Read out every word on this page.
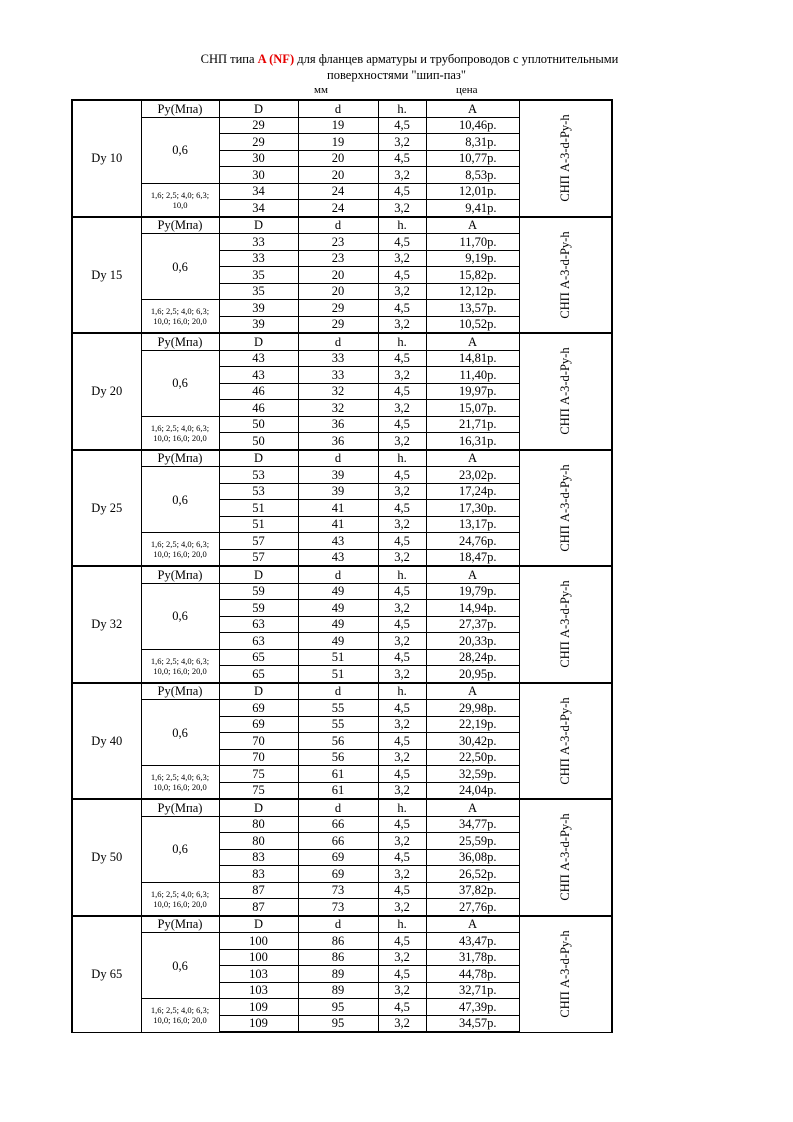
СНП типа A (NF) для фланцев арматуры и трубопроводов с уплотнительными
поверхностями "шип-паз"
мм	цена
Dy 10	Py(Мпа)	D	d	h.	A	СНП А-3-d-Py-h

	0,6	29	19	4,5	10,46р.	
		29	19	3,2	8,31р.	
		30	20	4,5	10,77р.	
		30	20	3,2	8,53р.	

	1,6; 2,5; 4,0; 6,3;
10,0	34	24	4,5	12,01р.	
		34	24	3,2	9,41р.	
Dy 15	Py(Мпа)	D	d	h.	A	СНП А-3-d-Py-h

	0,6	33	23	4,5	11,70р.	
		33	23	3,2	9,19р.	
		35	20	4,5	15,82р.	
		35	20	3,2	12,12р.	

	1,6; 2,5; 4,0; 6,3;
10,0; 16,0; 20,0	39	29	4,5	13,57р.	
		39	29	3,2	10,52р.	
Dy 20	Py(Мпа)	D	d	h.	A	СНП А-3-d-Py-h

	0,6	43	33	4,5	14,81р.	
		43	33	3,2	11,40р.	
		46	32	4,5	19,97р.	
		46	32	3,2	15,07р.	

	1,6; 2,5; 4,0; 6,3;
10,0; 16,0; 20,0	50	36	4,5	21,71р.	
		50	36	3,2	16,31р.	
Dy 25	Py(Мпа)	D	d	h.	A	СНП А-3-d-Py-h

	0,6	53	39	4,5	23,02р.	
		53	39	3,2	17,24р.	
		51	41	4,5	17,30р.	
		51	41	3,2	13,17р.	

	1,6; 2,5; 4,0; 6,3;
10,0; 16,0; 20,0	57	43	4,5	24,76р.	
		57	43	3,2	18,47р.	
Dy 32	Py(Мпа)	D	d	h.	A	СНП А-3-d-Py-h

	0,6	59	49	4,5	19,79р.	
		59	49	3,2	14,94р.	
		63	49	4,5	27,37р.	
		63	49	3,2	20,33р.	

	1,6; 2,5; 4,0; 6,3;
10,0; 16,0; 20,0	65	51	4,5	28,24р.	
		65	51	3,2	20,95р.	
Dy 40	Py(Мпа)	D	d	h.	A	СНП А-3-d-Py-h

	0,6	69	55	4,5	29,98р.	
		69	55	3,2	22,19р.	
		70	56	4,5	30,42р.	
		70	56	3,2	22,50р.	

	1,6; 2,5; 4,0; 6,3;
10,0; 16,0; 20,0	75	61	4,5	32,59р.	
		75	61	3,2	24,04р.	
Dy 50	Py(Мпа)	D	d	h.	A	СНП А-3-d-Py-h

	0,6	80	66	4,5	34,77р.	
		80	66	3,2	25,59р.	
		83	69	4,5	36,08р.	
		83	69	3,2	26,52р.	

	1,6; 2,5; 4,0; 6,3;
10,0; 16,0; 20,0	87	73	4,5	37,82р.	
		87	73	3,2	27,76р.	
Dy 65	Py(Мпа)	D	d	h.	A	СНП А-3-d-Py-h

	0,6	100	86	4,5	43,47р.	
		100	86	3,2	31,78р.	
		103	89	4,5	44,78р.	
		103	89	3,2	32,71р.	

	1,6; 2,5; 4,0; 6,3;
10,0; 16,0; 20,0	109	95	4,5	47,39р.	
		109	95	3,2	34,57р.	
